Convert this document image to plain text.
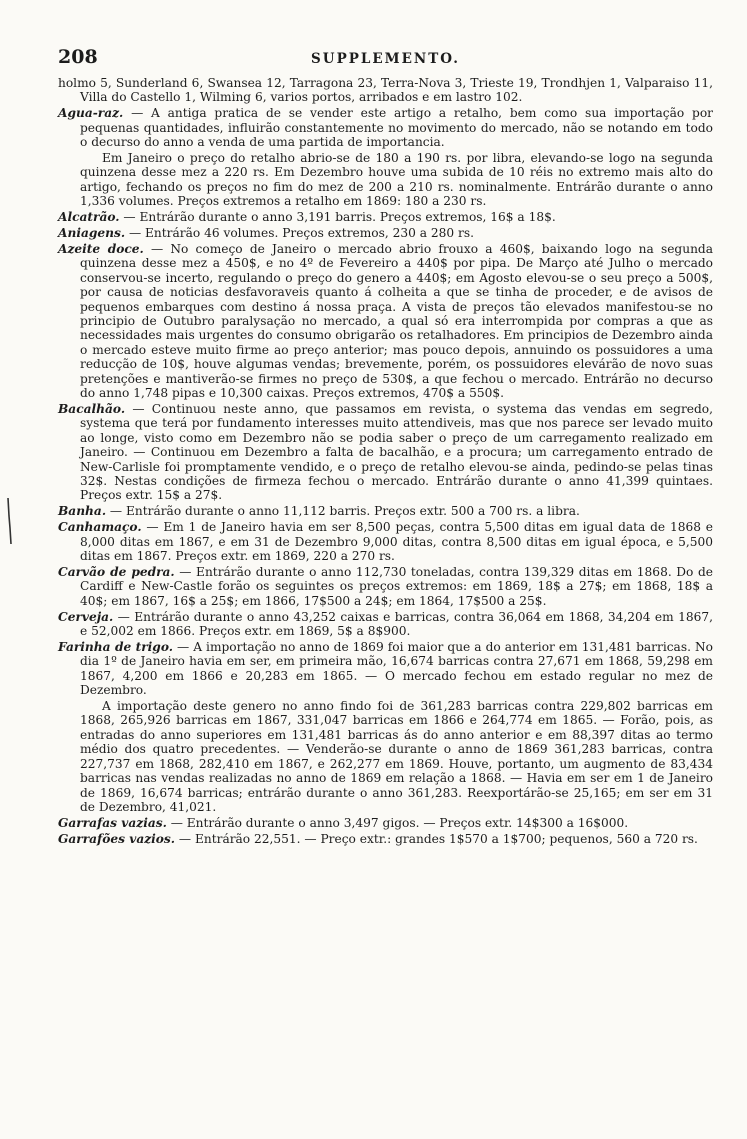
208	SUPPLEMENTO.

holmo 5, Sunderland 6, Swansea 12, Tarragona 23, Terra-Nova 3, Trieste 19, Trondhjen 1, Valparaiso 11, Villa do Castello 1, Wilming 6, varios portos, arribados e em lastro 102.

Agua-raz. — A antiga pratica de se vender este artigo a retalho, bem como sua importação por pequenas quantidades, influirão constantemente no movimento do mercado, não se notando em todo o decurso do anno a venda de uma partida de importancia.

Em Janeiro o preço do retalho abrio-se de 180 a 190 rs. por libra, elevando-se logo na segunda quinzena desse mez a 220 rs. Em Dezembro houve uma subida de 10 réis no extremo mais alto do artigo, fechando os preços no fim do mez de 200 a 210 rs. nominalmente. Entrárão durante o anno 1,336 volumes. Preços extremos a retalho em 1869: 180 a 230 rs.

Alcatrão. — Entrárão durante o anno 3,191 barris. Preços extremos, 16$ a 18$.

Aniagens. — Entrárão 46 volumes. Preços extremos, 230 a 280 rs.

Azeite doce. — No começo de Janeiro o mercado abrio frouxo a 460$, baixando logo na segunda quinzena desse mez a 450$, e no 4º de Fevereiro a 440$ por pipa. De Março até Julho o mercado conservou-se incerto, regulando o preço do genero a 440$; em Agosto elevou-se o seu preço a 500$, por causa de noticias desfavoraveis quanto á colheita a que se tinha de proceder, e de avisos de pequenos embarques com destino á nossa praça. A vista de preços tão elevados manifestou-se no principio de Outubro paralysação no mercado, a qual só era interrompida por compras a que as necessidades mais urgentes do consumo obrigarão os retalhadores. Em principios de Dezembro ainda o mercado esteve muito firme ao preço anterior; mas pouco depois, annuindo os possuidores a uma reducção de 10$, houve algumas vendas; brevemente, porém, os possuidores elevárão de novo suas pretenções e mantiverão-se firmes no preço de 530$, a que fechou o mercado. Entrárão no decurso do anno 1,748 pipas e 10,300 caixas. Preços extremos, 470$ a 550$.

Bacalhão. — Continuou neste anno, que passamos em revista, o systema das vendas em segredo, systema que terá por fundamento interesses muito attendiveis, mas que nos parece ser levado muito ao longe, visto como em Dezembro não se podia saber o preço de um carregamento realizado em Janeiro. — Continuou em Dezembro a falta de bacalhão, e a procura; um carregamento entrado de New-Carlisle foi promptamente vendido, e o preço de retalho elevou-se ainda, pedindo-se pelas tinas 32$. Nestas condições de firmeza fechou o mercado. Entrárão durante o anno 41,399 quintaes. Preços extr. 15$ a 27$.

Banha. — Entrárão durante o anno 11,112 barris. Preços extr. 500 a 700 rs. a libra.

Canhamaço. — Em 1 de Janeiro havia em ser 8,500 peças, contra 5,500 ditas em igual data de 1868 e 8,000 ditas em 1867, e em 31 de Dezembro 9,000 ditas, contra 8,500 ditas em igual época, e 5,500 ditas em 1867. Preços extr. em 1869, 220 a 270 rs.

Carvão de pedra. — Entrárão durante o anno 112,730 toneladas, contra 139,329 ditas em 1868. Do de Cardiff e New-Castle forão os seguintes os preços extremos: em 1869, 18$ a 27$; em 1868, 18$ a 40$; em 1867, 16$ a 25$; em 1866, 17$500 a 24$; em 1864, 17$500 a 25$.

Cerveja. — Entrárão durante o anno 43,252 caixas e barricas, contra 36,064 em 1868, 34,204 em 1867, e 52,002 em 1866. Preços extr. em 1869, 5$ a 8$900.

Farinha de trigo. — A importação no anno de 1869 foi maior que a do anterior em 131,481 barricas. No dia 1º de Janeiro havia em ser, em primeira mão, 16,674 barricas contra 27,671 em 1868, 59,298 em 1867, 4,200 em 1866 e 20,283 em 1865. — O mercado fechou em estado regular no mez de Dezembro.

A importação deste genero no anno findo foi de 361,283 barricas contra 229,802 barricas em 1868, 265,926 barricas em 1867, 331,047 barricas em 1866 e 264,774 em 1865. — Forão, pois, as entradas do anno superiores em 131,481 barricas ás do anno anterior e em 88,397 ditas ao termo médio dos quatro precedentes. — Venderão-se durante o anno de 1869 361,283 barricas, contra 227,737 em 1868, 282,410 em 1867, e 262,277 em 1869. Houve, portanto, um augmento de 83,434 barricas nas vendas realizadas no anno de 1869 em relação a 1868. — Havia em ser em 1 de Janeiro de 1869, 16,674 barricas; entrárão durante o anno 361,283. Reexportárão-se 25,165; em ser em 31 de Dezembro, 41,021.

Garrafas vazias. — Entrárão durante o anno 3,497 gigos. — Preços extr. 14$300 a 16$000.

Garrafões vazios. — Entrárão 22,551. — Preço extr.: grandes 1$570 a 1$700; pequenos, 560 a 720 rs.
